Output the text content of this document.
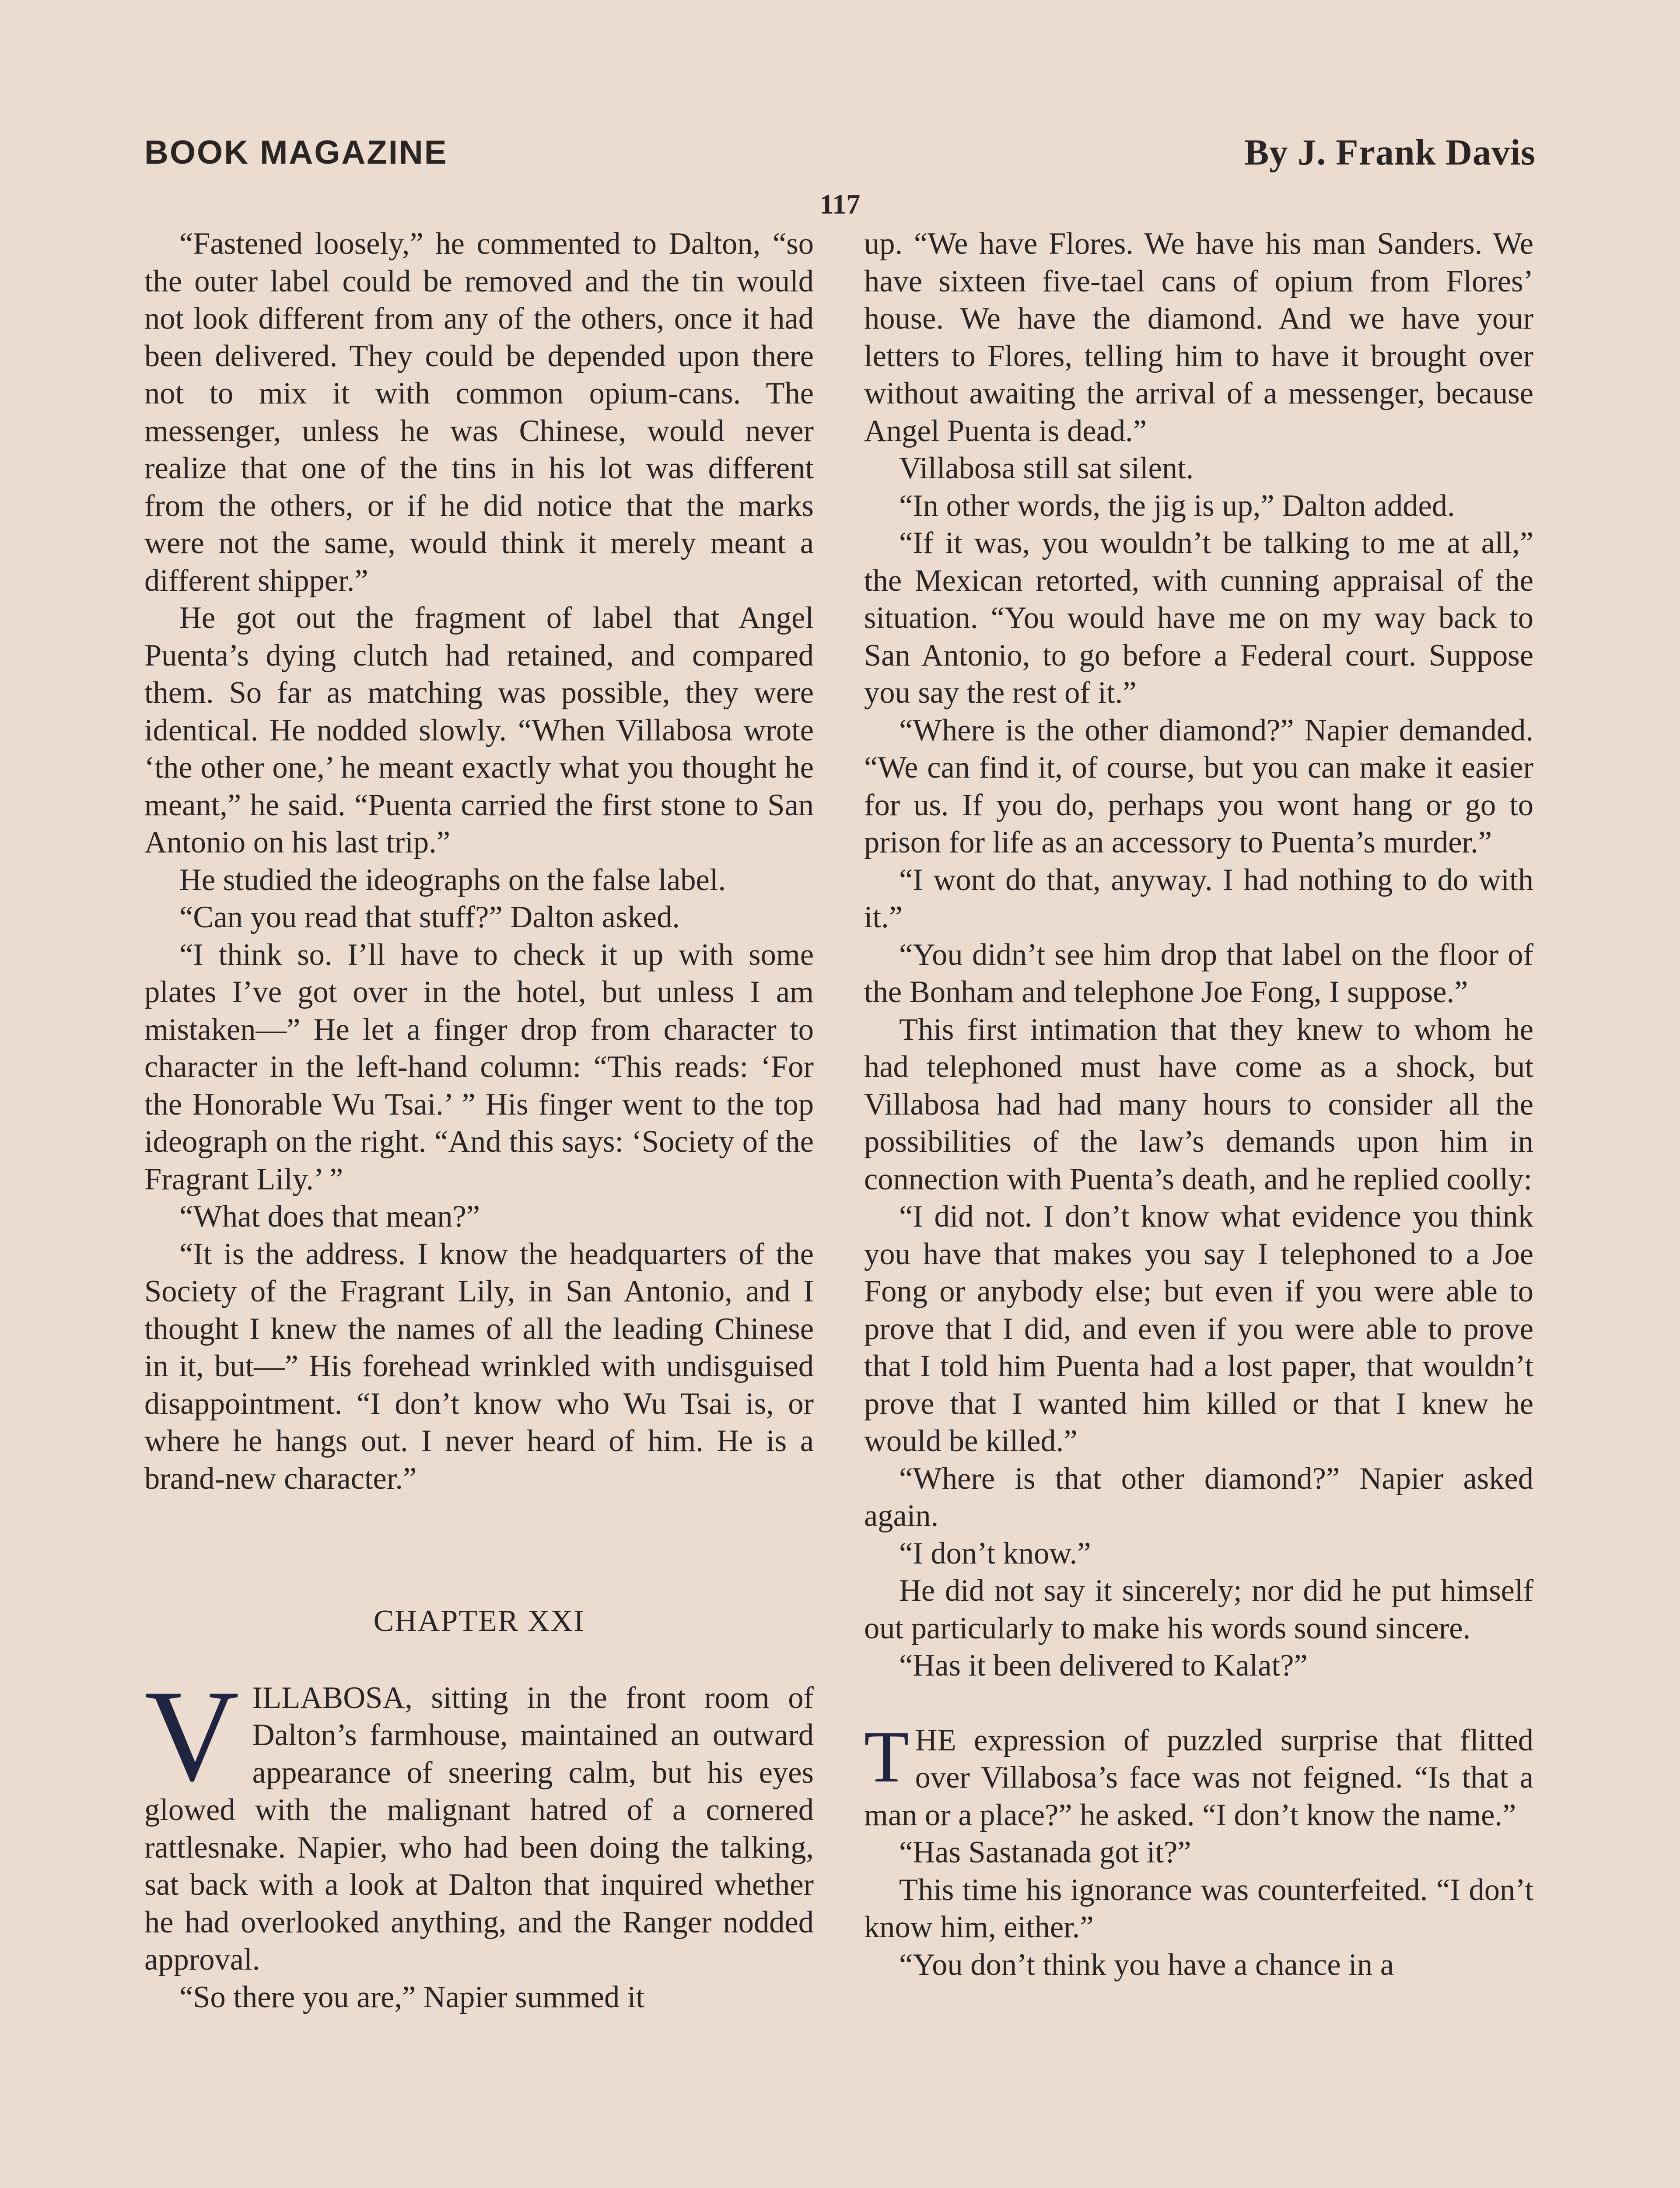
BOOK MAGAZINE	By J. Frank Davis
117

“Fastened loosely,” he commented to Dalton, “so the outer label could be removed and the tin would not look different from any of the others, once it had been delivered. They could be depended upon there not to mix it with common opium-cans. The messenger, unless he was Chinese, would never realize that one of the tins in his lot was different from the others, or if he did notice that the marks were not the same, would think it merely meant a different shipper.”

He got out the fragment of label that Angel Puenta’s dying clutch had retained, and compared them. So far as matching was possible, they were identical. He nodded slowly. “When Villabosa wrote ‘the other one,’ he meant exactly what you thought he meant,” he said. “Puenta carried the first stone to San Antonio on his last trip.”

He studied the ideographs on the false label.

“Can you read that stuff?” Dalton asked.

“I think so. I’ll have to check it up with some plates I’ve got over in the hotel, but unless I am mistaken—” He let a finger drop from character to character in the left-hand column: “This reads: ‘For the Honorable Wu Tsai.’ ” His finger went to the top ideograph on the right. “And this says: ‘Society of the Fragrant Lily.’ ”

“What does that mean?”

“It is the address. I know the headquarters of the Society of the Fragrant Lily, in San Antonio, and I thought I knew the names of all the leading Chinese in it, but—” His forehead wrinkled with undisguised disappointment. “I don’t know who Wu Tsai is, or where he hangs out. I never heard of him. He is a brand-new character.”

CHAPTER XXI

VILLABOSA, sitting in the front room of Dalton’s farmhouse, maintained an outward appearance of sneering calm, but his eyes glowed with the malignant hatred of a cornered rattlesnake. Napier, who had been doing the talking, sat back with a look at Dalton that inquired whether he had overlooked anything, and the Ranger nodded approval.

“So there you are,” Napier summed it

up. “We have Flores. We have his man Sanders. We have sixteen five-tael cans of opium from Flores’ house. We have the diamond. And we have your letters to Flores, telling him to have it brought over without awaiting the arrival of a messenger, because Angel Puenta is dead.”

Villabosa still sat silent.

“In other words, the jig is up,” Dalton added.

“If it was, you wouldn’t be talking to me at all,” the Mexican retorted, with cunning appraisal of the situation. “You would have me on my way back to San Antonio, to go before a Federal court. Suppose you say the rest of it.”

“Where is the other diamond?” Napier demanded. “We can find it, of course, but you can make it easier for us. If you do, perhaps you wont hang or go to prison for life as an accessory to Puenta’s murder.”

“I wont do that, anyway. I had nothing to do with it.”

“You didn’t see him drop that label on the floor of the Bonham and telephone Joe Fong, I suppose.”

This first intimation that they knew to whom he had telephoned must have come as a shock, but Villabosa had had many hours to consider all the possibilities of the law’s demands upon him in connection with Puenta’s death, and he replied coolly:

“I did not. I don’t know what evidence you think you have that makes you say I telephoned to a Joe Fong or anybody else; but even if you were able to prove that I did, and even if you were able to prove that I told him Puenta had a lost paper, that wouldn’t prove that I wanted him killed or that I knew he would be killed.”

“Where is that other diamond?” Napier asked again.

“I don’t know.”

He did not say it sincerely; nor did he put himself out particularly to make his words sound sincere.

“Has it been delivered to Kalat?”

THE expression of puzzled surprise that flitted over Villabosa’s face was not feigned. “Is that a man or a place?” he asked. “I don’t know the name.”

“Has Sastanada got it?”

This time his ignorance was counterfeited. “I don’t know him, either.”

“You don’t think you have a chance in a
